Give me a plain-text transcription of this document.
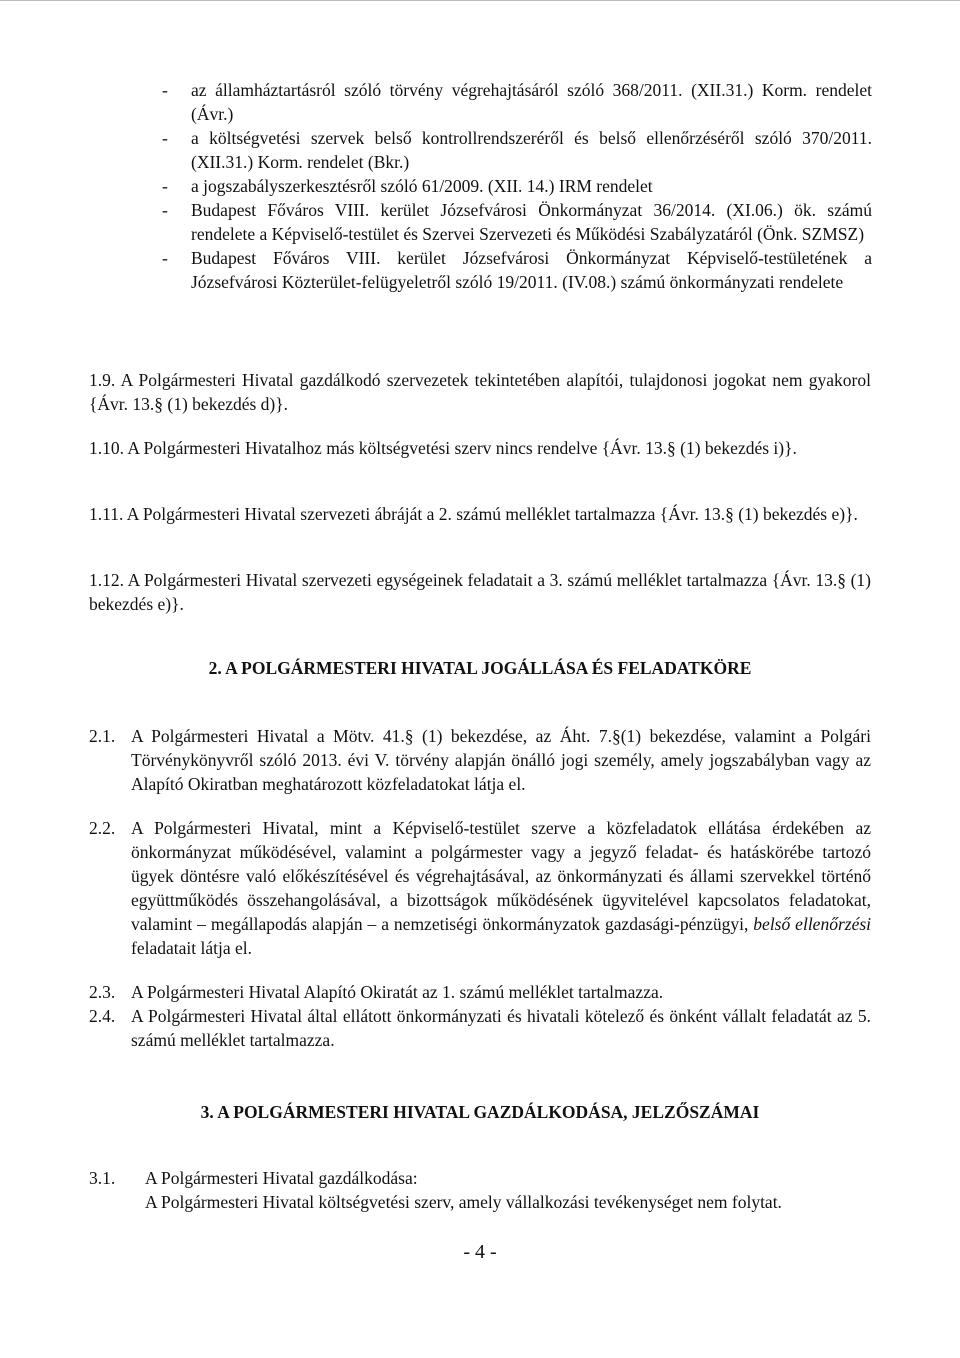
-	az államháztartásról szóló törvény végrehajtásáról szóló 368/2011. (XII.31.) Korm. rendelet (Ávr.)
-	a költségvetési szervek belső kontrollrendszeréről és belső ellenőrzéséről szóló 370/2011. (XII.31.) Korm. rendelet (Bkr.)
-	a jogszabályszerkesztésről szóló 61/2009. (XII. 14.) IRM rendelet
-	Budapest Főváros VIII. kerület Józsefvárosi Önkormányzat 36/2014. (XI.06.) ök. számú rendelete a Képviselő-testület és Szervei Szervezeti és Működési Szabályzatáról (Önk. SZMSZ)
-	Budapest Főváros VIII. kerület Józsefvárosi Önkormányzat Képviselő-testületének a Józsefvárosi Közterület-felügyeletről szóló 19/2011. (IV.08.) számú önkormányzati rendelete
1.9. A Polgármesteri Hivatal gazdálkodó szervezetek tekintetében alapítói, tulajdonosi jogokat nem gyakorol {Ávr. 13.§ (1) bekezdés d)}.
1.10. A Polgármesteri Hivatalhoz más költségvetési szerv nincs rendelve {Ávr. 13.§ (1) bekezdés i)}.
1.11. A Polgármesteri Hivatal szervezeti ábráját a 2. számú melléklet tartalmazza {Ávr. 13.§ (1) bekezdés e)}.
1.12. A Polgármesteri Hivatal szervezeti egységeinek feladatait a 3. számú melléklet tartalmazza {Ávr. 13.§ (1) bekezdés e)}.
2. A POLGÁRMESTERI HIVATAL JOGÁLLÁSA ÉS FELADATKÖRE
2.1. A Polgármesteri Hivatal a Mötv. 41.§ (1) bekezdése, az Áht. 7.§(1) bekezdése, valamint a Polgári Törvénykönyvről szóló 2013. évi V. törvény alapján önálló jogi személy, amely jogszabályban vagy az Alapító Okiratban meghatározott közfeladatokat látja el.
2.2. A Polgármesteri Hivatal, mint a Képviselő-testület szerve a közfeladatok ellátása érdekében az önkormányzat működésével, valamint a polgármester vagy a jegyző feladat- és hatáskörébe tartozó ügyek döntésre való előkészítésével és végrehajtásával, az önkormányzati és állami szervekkel történő együttműködés összehangolásával, a bizottságok működésének ügyvitelével kapcsolatos feladatokat, valamint – megállapodás alapján – a nemzetiségi önkormányzatok gazdasági-pénzügyi, belső ellenőrzési feladatait látja el.
2.3. A Polgármesteri Hivatal Alapító Okiratát az 1. számú melléklet tartalmazza.
2.4. A Polgármesteri Hivatal által ellátott önkormányzati és hivatali kötelező és önként vállalt feladatát az 5. számú melléklet tartalmazza.
3. A POLGÁRMESTERI HIVATAL GAZDÁLKODÁSA, JELZŐSZÁMAI
3.1. A Polgármesteri Hivatal gazdálkodása:
A Polgármesteri Hivatal költségvetési szerv, amely vállalkozási tevékenységet nem folytat.
- 4 -
